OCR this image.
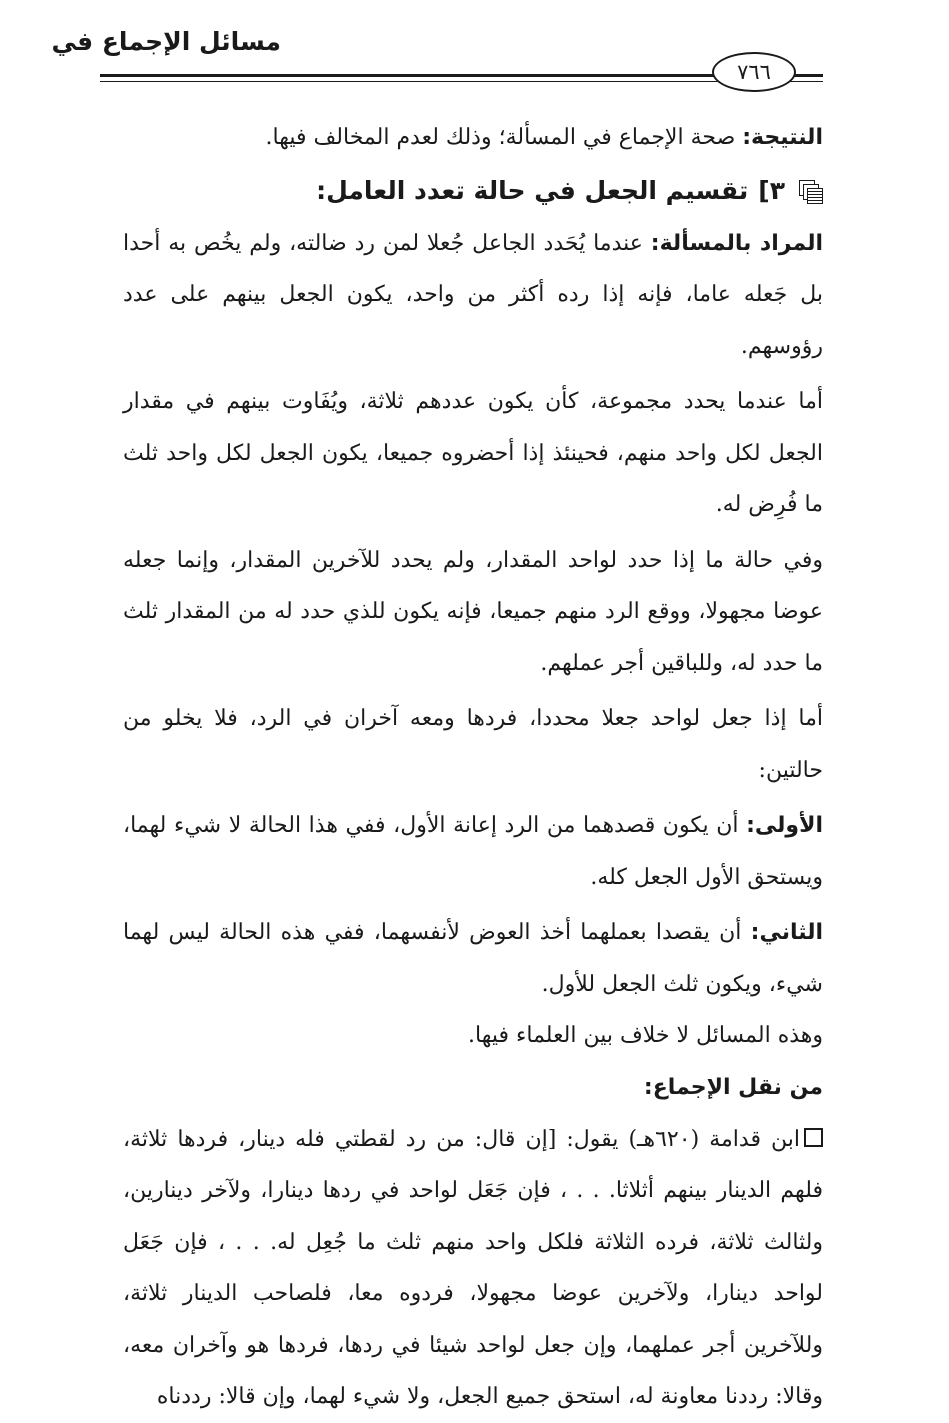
مسائل الإجماع في
٧٦٦

النتيجة: صحة الإجماع في المسألة؛ وذلك لعدم المخالف فيها.

٣]
تقسيم الجعل في حالة تعدد العامل:

المراد بالمسألة: عندما يُحَدد الجاعل جُعلا لمن رد ضالته، ولم يخُص به أحدا بل جَعله عاما، فإنه إذا رده أكثر من واحد، يكون الجعل بينهم على عدد رؤوسهم.

أما عندما يحدد مجموعة، كأن يكون عددهم ثلاثة، ويُفَاوت بينهم في مقدار الجعل لكل واحد منهم، فحينئذ إذا أحضروه جميعا، يكون الجعل لكل واحد ثلث ما فُرِض له.

وفي حالة ما إذا حدد لواحد المقدار، ولم يحدد للآخرين المقدار، وإنما جعله عوضا مجهولا، ووقع الرد منهم جميعا، فإنه يكون للذي حدد له من المقدار ثلث ما حدد له، وللباقين أجر عملهم.

أما إذا جعل لواحد جعلا محددا، فردها ومعه آخران في الرد، فلا يخلو من حالتين:

الأولى: أن يكون قصدهما من الرد إعانة الأول، ففي هذا الحالة لا شيء لهما، ويستحق الأول الجعل كله.

الثاني: أن يقصدا بعملهما أخذ العوض لأنفسهما، ففي هذه الحالة ليس لهما شيء، ويكون ثلث الجعل للأول.

وهذه المسائل لا خلاف بين العلماء فيها.

من نقل الإجماع:

ابن قدامة (٦٢٠هـ) يقول: [إن قال: من رد لقطتي فله دينار، فردها ثلاثة، فلهم الدينار بينهم أثلاثا. . . ، فإن جَعَل لواحد في ردها دينارا، ولآخر دينارين، ولثالث ثلاثة، فرده الثلاثة فلكل واحد منهم ثلث ما جُعِل له. . . ، فإن جَعَل لواحد دينارا، ولآخرين عوضا مجهولا، فردوه معا، فلصاحب الدينار ثلاثة، وللآخرين أجر عملهما، وإن جعل لواحد شيئا في ردها، فردها هو وآخران معه، وقالا: رددنا معاونة له، استحق جميع الجعل، ولا شيء لهما، وإن قالا: رددناه
